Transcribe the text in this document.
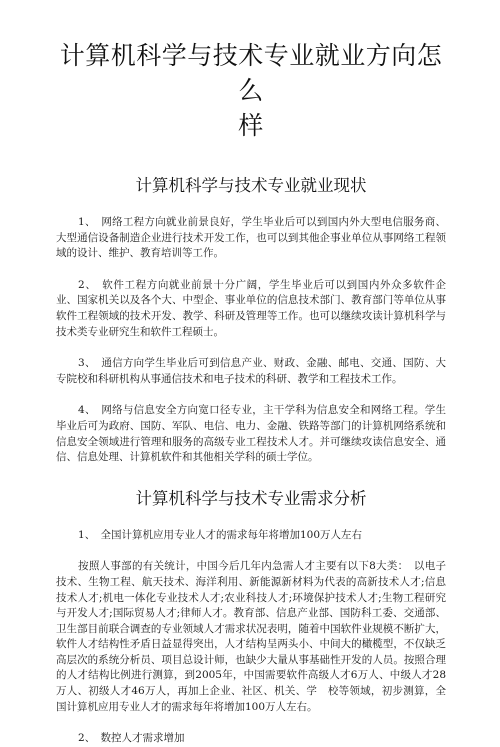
计算机科学与技术专业就业方向怎么
样
计算机科学与技术专业就业现状

1、　网络工程方向就业前景良好，学生毕业后可以到国内外大型电信服务商、大型通信设备制造企业进行技术开发工作，也可以到其他企事业单位从事网络工程领域的设计、维护、教育培训等工作。

2、　软件工程方向就业前景十分广阔，学生毕业后可以到国内外众多软件企业、国家机关以及各个大、中型企、事业单位的信息技术部门、教育部门等单位从事软件工程领域的技术开发、教学、科研及管理等工作。也可以继续攻读计算机科学与技术类专业研究生和软件工程硕士。

3、　通信方向学生毕业后可到信息产业、财政、金融、邮电、交通、国防、大专院校和科研机构从事通信技术和电子技术的科研、教学和工程技术工作。

4、　网络与信息安全方向宽口径专业，主干学科为信息安全和网络工程。学生毕业后可为政府、国防、军队、电信、电力、金融、铁路等部门的计算机网络系统和信息安全领域进行管理和服务的高级专业工程技术人才。并可继续攻读信息安全、通信、信息处理、计算机软件和其他相关学科的硕士学位。

计算机科学与技术专业需求分析

1、　全国计算机应用专业人才的需求每年将增加100万人左右

按照人事部的有关统计，中国今后几年内急需人才主要有以下8大类：　以电子技术、生物工程、航天技术、海洋利用、新能源新材料为代表的高新技术人才;信息技术人才;机电一体化专业技术人才;农业科技人才;环境保护技术人才;生物工程研究与开发人才;国际贸易人才;律师人才。教育部、信息产业部、国防科工委、交通部、卫生部目前联合调查的专业领域人才需求状况表明，随着中国软件业规模不断扩大，软件人才结构性矛盾日益显得突出，人才结构呈两头小、中间大的橄榄型，不仅缺乏高层次的系统分析员、项目总设计师，也缺少大量从事基础性开发的人员。按照合理的人才结构比例进行测算，到2005年，中国需要软件高级人才6万人、中级人才28万人、初级人才46万人，再加上企业、社区、机关、学　校等领域，初步测算，全国计算机应用专业人才的需求每年将增加100万人左右。

2、　数控人才需求增加
